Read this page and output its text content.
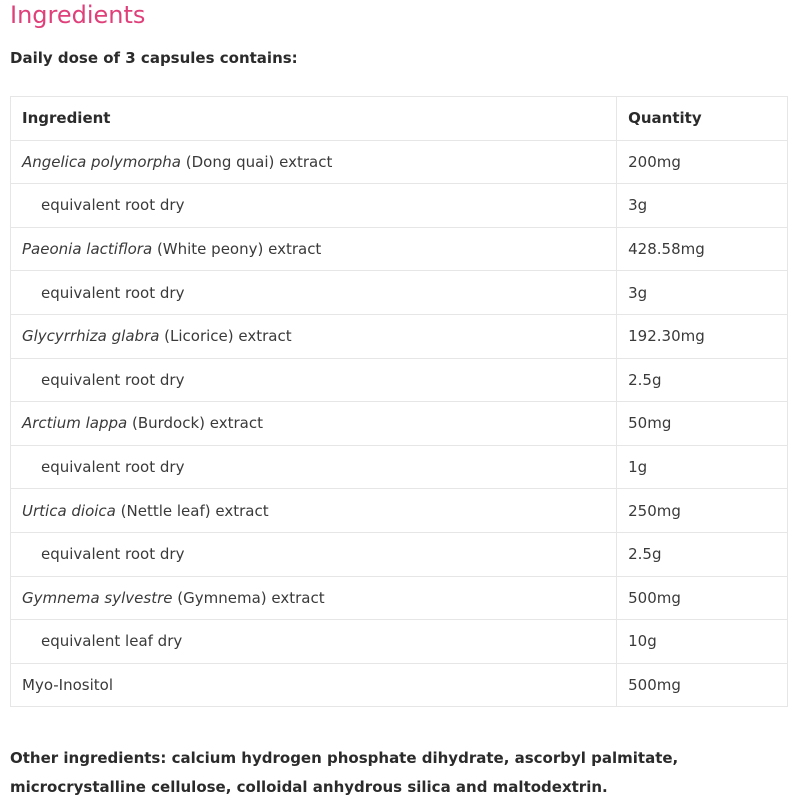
Ingredients

Daily dose of 3 capsules contains:

Ingredient	Quantity
Angelica polymorpha (Dong quai) extract	200mg
equivalent root dry	3g
Paeonia lactiflora (White peony) extract	428.58mg
equivalent root dry	3g
Glycyrrhiza glabra (Licorice) extract	192.30mg
equivalent root dry	2.5g
Arctium lappa (Burdock) extract	50mg
equivalent root dry	1g
Urtica dioica (Nettle leaf) extract	250mg
equivalent root dry	2.5g
Gymnema sylvestre (Gymnema) extract	500mg
equivalent leaf dry	10g
Myo-Inositol	500mg

Other ingredients: calcium hydrogen phosphate dihydrate, ascorbyl palmitate, microcrystalline cellulose, colloidal anhydrous silica and maltodextrin.
